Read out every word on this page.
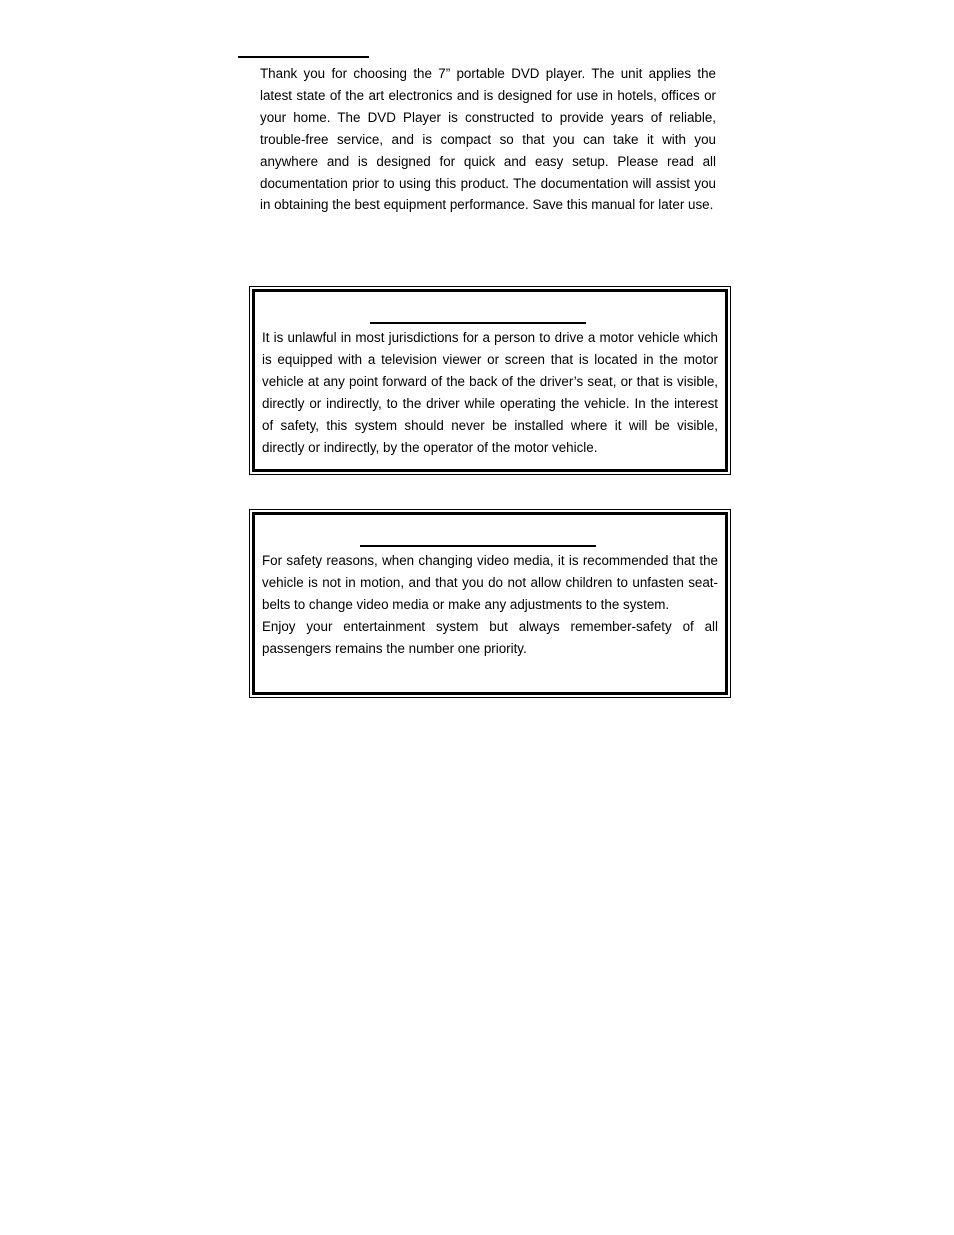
Thank you for choosing the 7” portable DVD player. The unit applies the latest state of the art electronics and is designed for use in hotels, offices or your home. The DVD Player is constructed to provide years of reliable, trouble-free service, and is compact so that you can take it with you anywhere and is designed for quick and easy setup. Please read all documentation prior to using this product. The documentation will assist you in obtaining the best equipment performance. Save this manual for later use.
It is unlawful in most jurisdictions for a person to drive a motor vehicle which is equipped with a television viewer or screen that is located in the motor vehicle at any point forward of the back of the driver’s seat, or that is visible, directly or indirectly, to the driver while operating the vehicle. In the interest of safety, this system should never be installed where it will be visible, directly or indirectly, by the operator of the motor vehicle.

For safety reasons, when changing video media, it is recommended that the vehicle is not in motion, and that you do not allow children to unfasten seat-belts to change video media or make any adjustments to the system.

Enjoy your entertainment system but always remember-safety of all passengers remains the number one priority.
